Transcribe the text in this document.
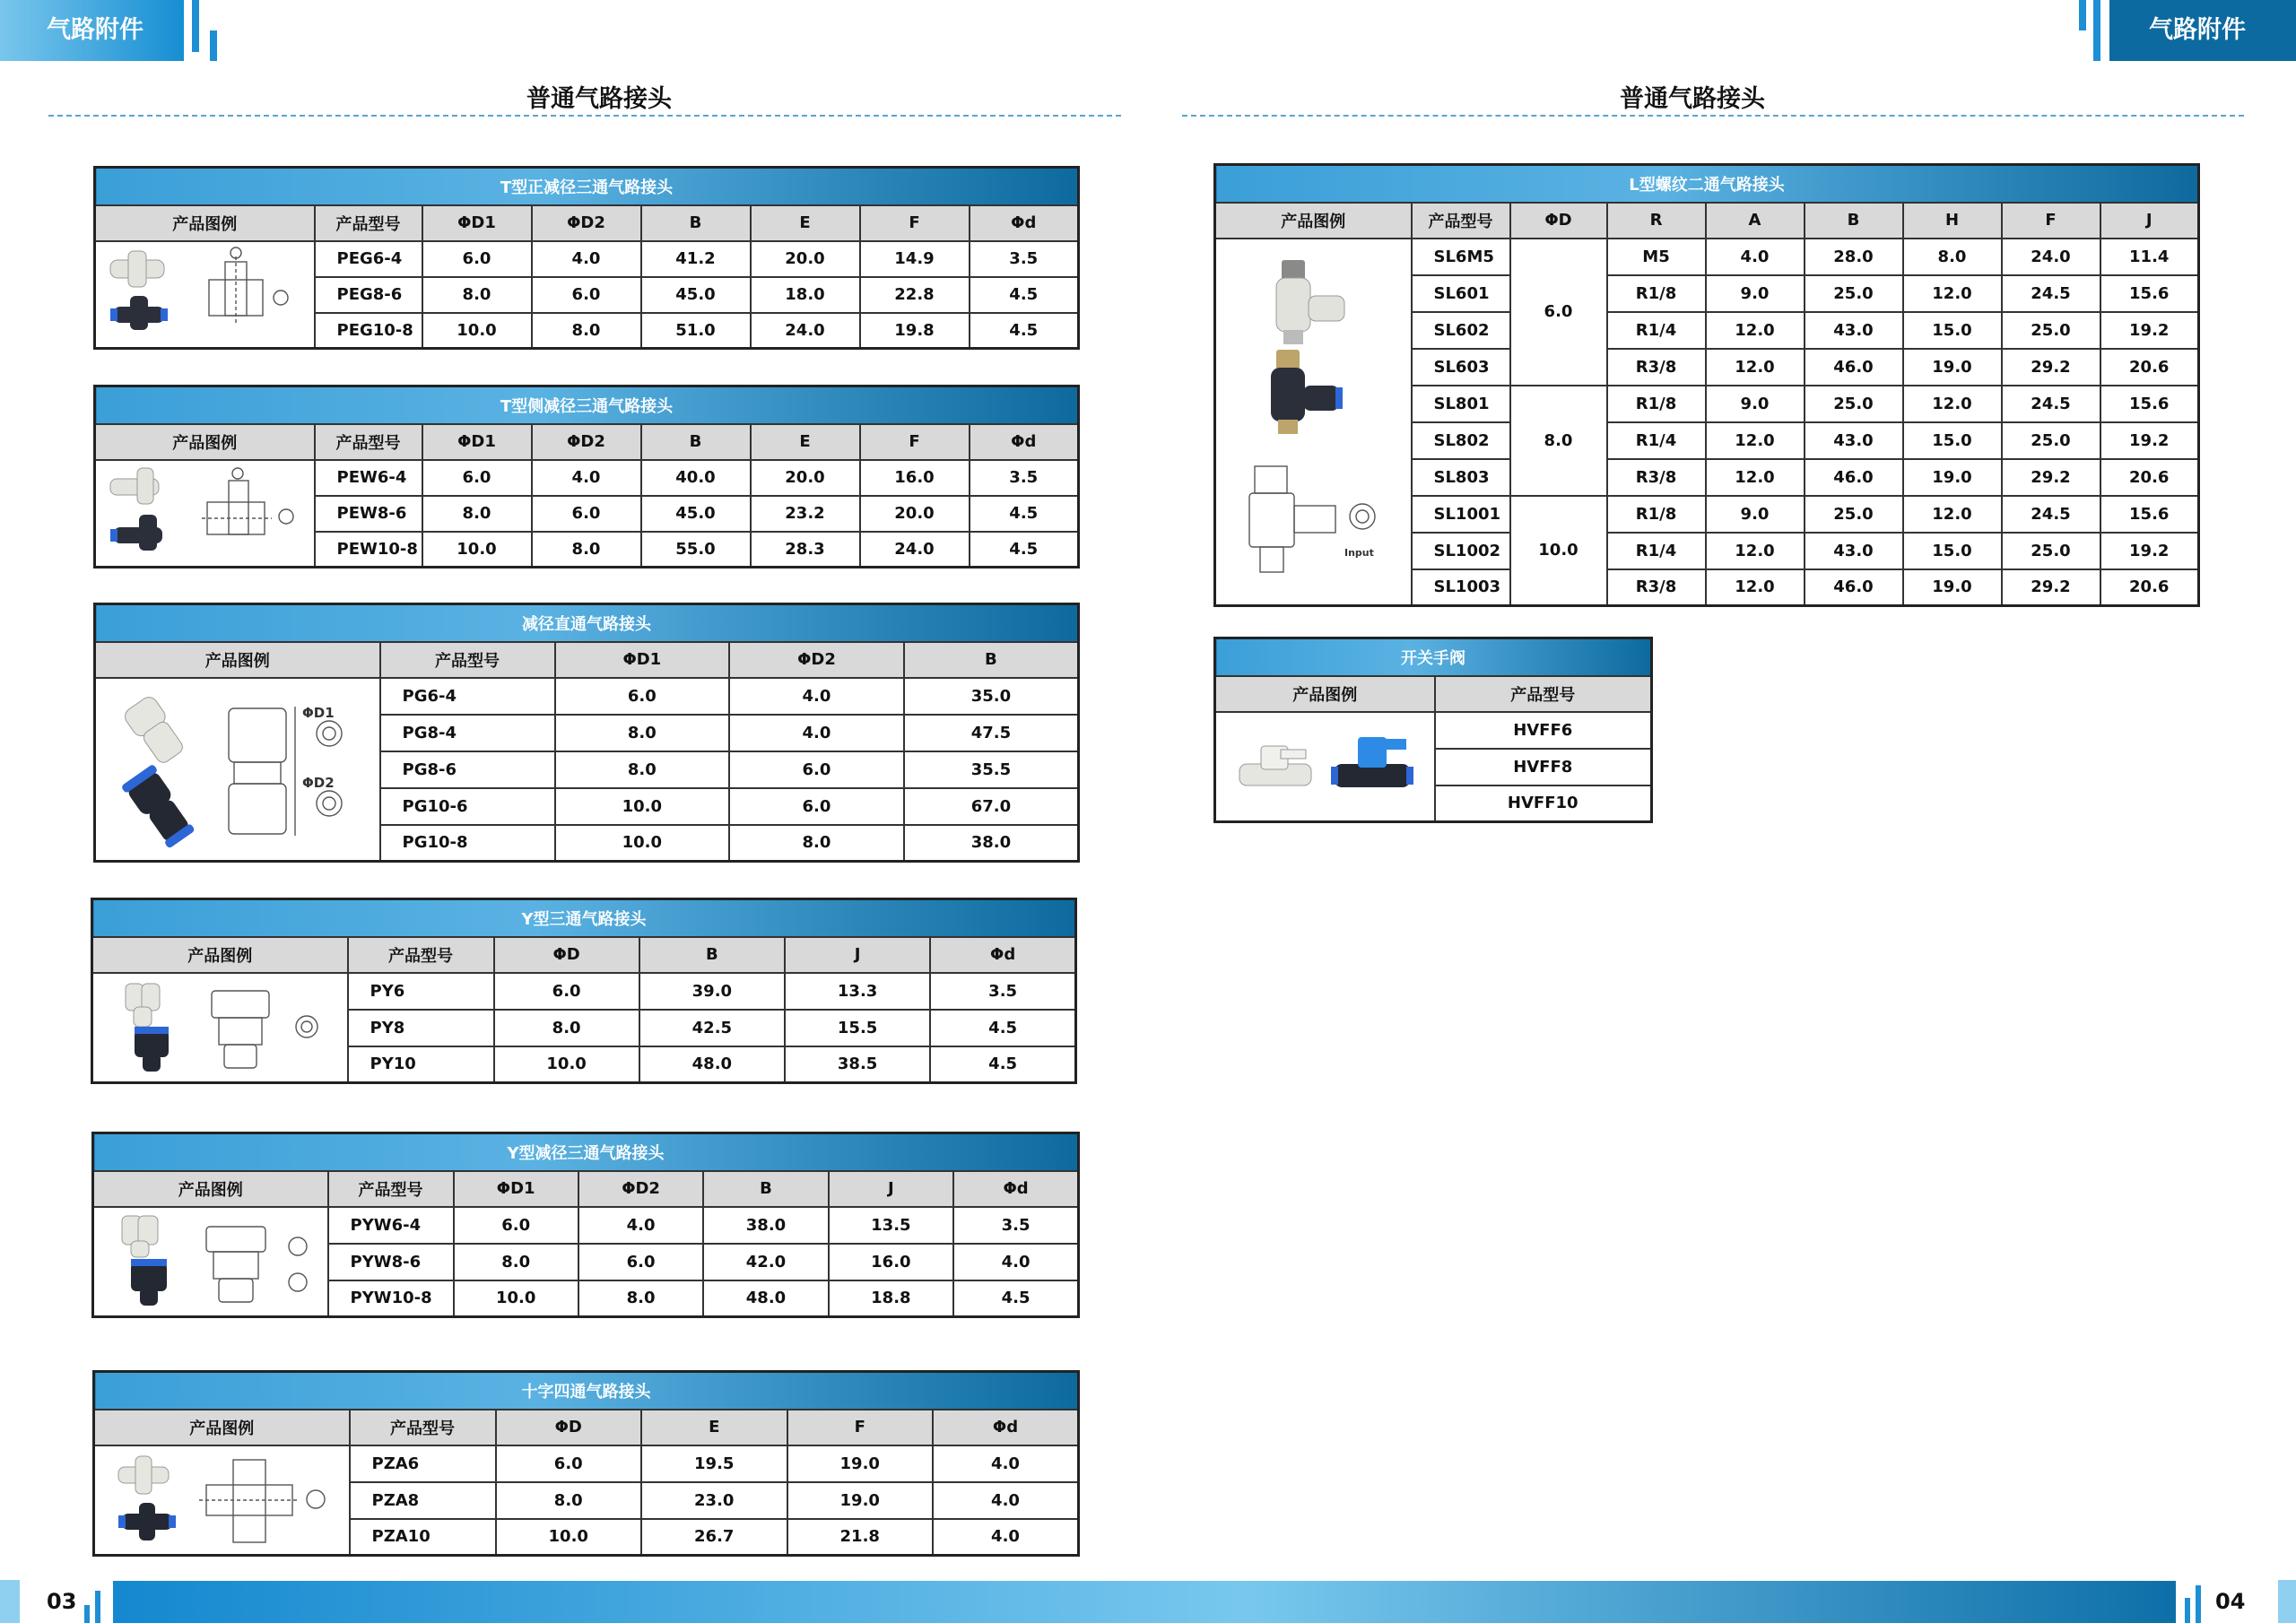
气路附件	气路附件
普通气路接头	普通气路接头
T型正减径三通气路接头							
产品图例	产品型号	ΦD1	ΦD2	B	E	F	Φd

	PEG6-4	6.0	4.0	41.2	20.0	14.9	3.5
	PEG8-6	8.0	6.0	45.0	18.0	22.8	4.5
	PEG10-8	10.0	8.0	51.0	24.0	19.8	4.5
T型侧减径三通气路接头							
产品图例	产品型号	ΦD1	ΦD2	B	E	F	Φd

	PEW6-4	6.0	4.0	40.0	20.0	16.0	3.5
	PEW8-6	8.0	6.0	45.0	23.2	20.0	4.5
	PEW10-8	10.0	8.0	55.0	28.3	24.0	4.5
减径直通气路接头				
产品图例	产品型号	ΦD1	ΦD2	B

ΦD1
ΦD2	PG6-4	6.0	4.0	35.0
	PG8-4	8.0	4.0	47.5
	PG8-6	8.0	6.0	35.5
	PG10-6	10.0	6.0	67.0
	PG10-8	10.0	8.0	38.0
Y型三通气路接头					
产品图例	产品型号	ΦD	B	J	Φd

	PY6	6.0	39.0	13.3	3.5
	PY8	8.0	42.5	15.5	4.5
	PY10	10.0	48.0	38.5	4.5
Y型减径三通气路接头						
产品图例	产品型号	ΦD1	ΦD2	B	J	Φd

	PYW6-4	6.0	4.0	38.0	13.5	3.5
	PYW8-6	8.0	6.0	42.0	16.0	4.0
	PYW10-8	10.0	8.0	48.0	18.8	4.5
十字四通气路接头					
产品图例	产品型号	ΦD	E	F	Φd

	PZA6	6.0	19.5	19.0	4.0
	PZA8	8.0	23.0	19.0	4.0
	PZA10	10.0	26.7	21.8	4.0
L型螺纹二通气路接头								
产品图例	产品型号	ΦD	R	A	B	H	F	J

Input	SL6M5	6.0	M5	4.0	28.0	8.0	24.0	11.4
	SL601		R1/8	9.0	25.0	12.0	24.5	15.6
	SL602		R1/4	12.0	43.0	15.0	25.0	19.2
	SL603		R3/8	12.0	46.0	19.0	29.2	20.6
	SL801	8.0	R1/8	9.0	25.0	12.0	24.5	15.6
	SL802		R1/4	12.0	43.0	15.0	25.0	19.2
	SL803		R3/8	12.0	46.0	19.0	29.2	20.6
	SL1001	10.0	R1/8	9.0	25.0	12.0	24.5	15.6
	SL1002		R1/4	12.0	43.0	15.0	25.0	19.2
	SL1003		R3/8	12.0	46.0	19.0	29.2	20.6
开关手阀	
产品图例	产品型号

	HVFF6
	HVFF8
	HVFF10
03	04
